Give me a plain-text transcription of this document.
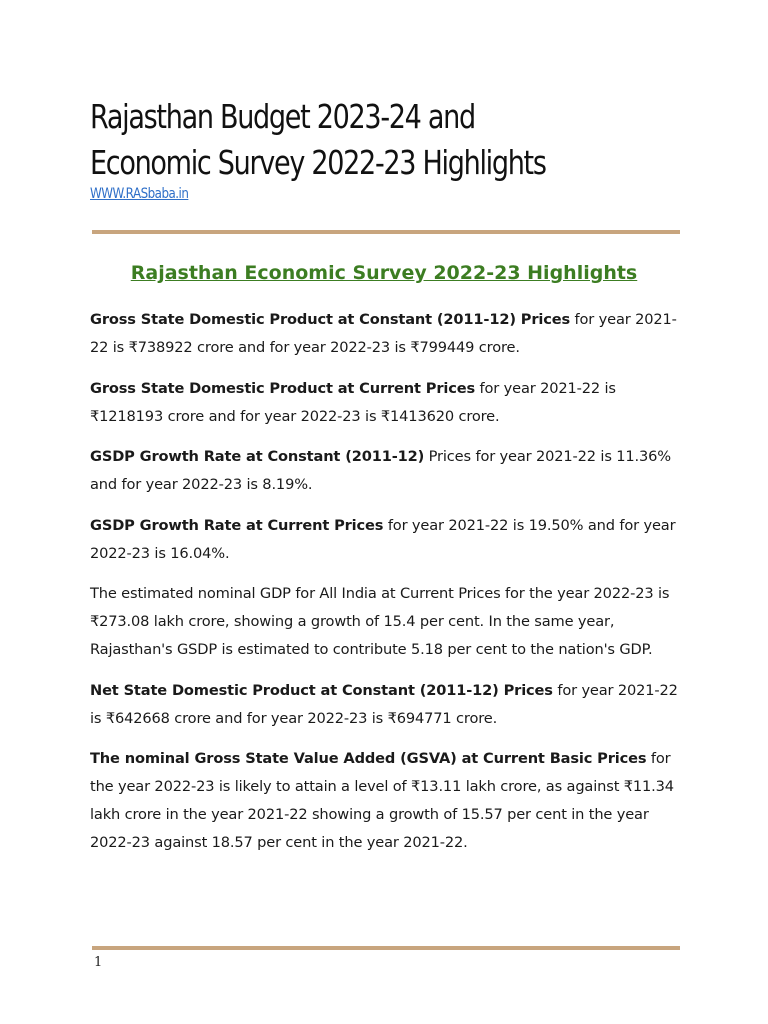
Rajasthan Budget 2023-24 and Economic Survey 2022-23 Highlights
WWW.RASbaba.in
Rajasthan Economic Survey 2022-23 Highlights

Gross State Domestic Product at Constant (2011-12) Prices for year 2021-22 is ₹738922 crore and for year 2022-23 is ₹799449 crore.

Gross State Domestic Product at Current Prices for year 2021-22 is ₹1218193 crore and for year 2022-23 is ₹1413620 crore.

GSDP Growth Rate at Constant (2011-12) Prices for year 2021-22 is 11.36% and for year 2022-23 is 8.19%.

GSDP Growth Rate at Current Prices for year 2021-22 is 19.50% and for year 2022-23 is 16.04%.

The estimated nominal GDP for All India at Current Prices for the year 2022-23 is ₹273.08 lakh crore, showing a growth of 15.4 per cent. In the same year, Rajasthan's GSDP is estimated to contribute 5.18 per cent to the nation's GDP.

Net State Domestic Product at Constant (2011-12) Prices for year 2021-22 is ₹642668 crore and for year 2022-23 is ₹694771 crore.

The nominal Gross State Value Added (GSVA) at Current Basic Prices for the year 2022-23 is likely to attain a level of ₹13.11 lakh crore, as against ₹11.34 lakh crore in the year 2021-22 showing a growth of 15.57 per cent in the year 2022-23 against 18.57 per cent in the year 2021-22.

1
